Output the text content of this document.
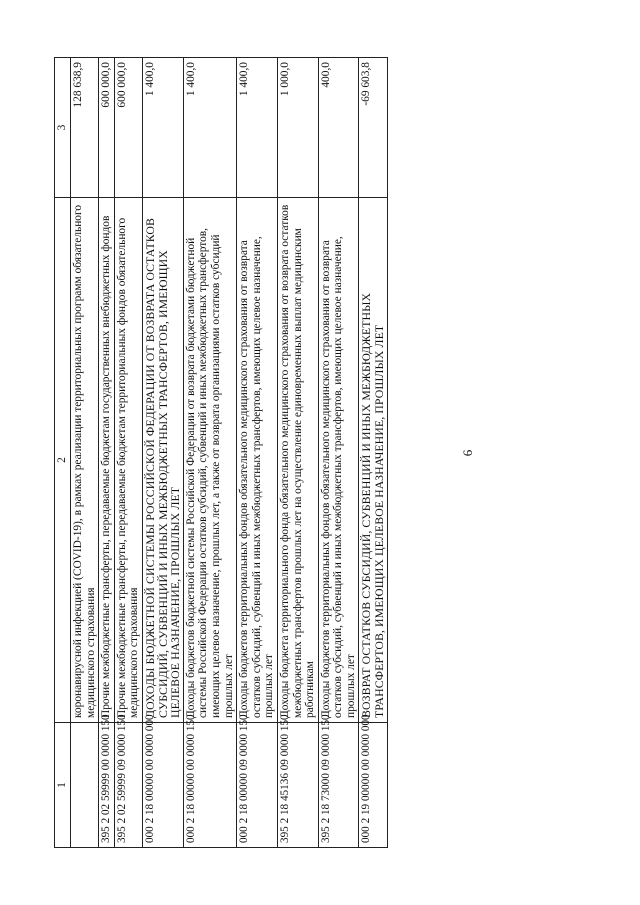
6
1	2	3
	коронавирусной инфекцией (COVID-19), в рамках реализации территориальных программ обязательного медицинского страхования	128 638,9
395 2 02 59999 00 0000 150	Прочие межбюджетные трансферты, передаваемые бюджетам государственных внебюджетных фондов	600 000,0
395 2 02 59999 09 0000 150	Прочие межбюджетные трансферты, передаваемые бюджетам территориальных фондов обязательного медицинского страхования	600 000,0
000 2 18 00000 00 0000 000	ДОХОДЫ БЮДЖЕТНОЙ СИСТЕМЫ РОССИЙСКОЙ ФЕДЕРАЦИИ ОТ ВОЗВРАТА ОСТАТКОВ СУБСИДИЙ, СУБВЕНЦИЙ И ИНЫХ МЕЖБЮДЖЕТНЫХ ТРАНСФЕРТОВ, ИМЕЮЩИХ ЦЕЛЕВОЕ НАЗНАЧЕНИЕ, ПРОШЛЫХ ЛЕТ	1 400,0
000 2 18 00000 00 0000 150	Доходы бюджетов бюджетной системы Российской Федерации от возврата бюджетами бюджетной системы Российской Федерации остатков субсидий, субвенций и иных межбюджетных трансфертов, имеющих целевое назначение, прошлых лет, а также от возврата организациями остатков субсидий прошлых лет	1 400,0
000 2 18 00000 09 0000 150	Доходы бюджетов территориальных фондов обязательного медицинского страхования от возврата остатков субсидий, субвенций и иных межбюджетных трансфертов, имеющих целевое назначение, прошлых лет	1 400,0
395 2 18 45136 09 0000 150	Доходы бюджета территориального фонда обязательного медицинского страхования от возврата остатков межбюджетных трансфертов прошлых лет на осуществление единовременных выплат медицинским работникам	1 000,0
395 2 18 73000 09 0000 150	Доходы бюджетов территориальных фондов обязательного медицинского страхования от возврата остатков субсидий, субвенций и иных межбюджетных трансфертов, имеющих целевое назначение, прошлых лет	400,0
000 2 19 00000 00 0000 000	ВОЗВРАТ ОСТАТКОВ СУБСИДИЙ, СУБВЕНЦИЙ И ИНЫХ МЕЖБЮДЖЕТНЫХ ТРАНСФЕРТОВ, ИМЕЮЩИХ ЦЕЛЕВОЕ НАЗНАЧЕНИЕ, ПРОШЛЫХ ЛЕТ	-69 603,8
